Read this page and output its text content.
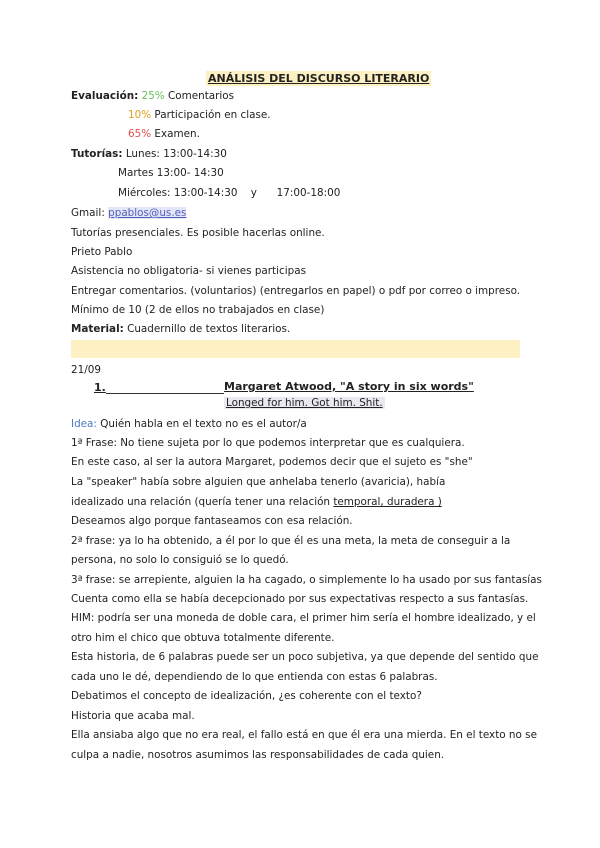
ANÁLISIS DEL DISCURSO LITERARIO
Evaluación: 25% Comentarios
10% Participación en clase.
65% Examen.
Tutorías: Lunes: 13:00-14:30
Martes 13:00- 14:30
Miércoles: 13:00-14:30    y      17:00-18:00
Gmail: ppablos@us.es
Tutorías presenciales. Es posible hacerlas online.
Prieto Pablo
Asistencia no obligatoria- si vienes participas
Entregar comentarios. (voluntarios) (entregarlos en papel) o pdf por correo o impreso.
Mínimo de 10 (2 de ellos no trabajados en clase)
Material: Cuadernillo de textos literarios.
21/09
1.	Margaret Atwood, "A story in six words"
Longed for him. Got him. Shit.
Idea: Quién habla en el texto no es el autor/a
1ª Frase: No tiene sujeta por lo que podemos interpretar que es cualquiera.
En este caso, al ser la autora Margaret, podemos decir que el sujeto es "she"
La "speaker" había sobre alguien que anhelaba tenerlo (avaricia), había
idealizado una relación (quería tener una relación temporal, duradera )
Deseamos algo porque fantaseamos con esa relación.
2ª frase: ya lo ha obtenido, a él por lo que él es una meta, la meta de conseguir a la
persona, no solo lo consiguió se lo quedó.
3ª frase: se arrepiente, alguien la ha cagado, o simplemente lo ha usado por sus fantasías
Cuenta como ella se había decepcionado por sus expectativas respecto a sus fantasías.
HIM: podría ser una moneda de doble cara, el primer him sería el hombre idealizado, y el
otro him el chico que obtuva totalmente diferente.
Esta historia, de 6 palabras puede ser un poco subjetiva, ya que depende del sentido que
cada uno le dé, dependiendo de lo que entienda con estas 6 palabras.
Debatimos el concepto de idealización, ¿es coherente con el texto?
Historia que acaba mal.
Ella ansiaba algo que no era real, el fallo está en que él era una mierda. En el texto no se
culpa a nadie, nosotros asumimos las responsabilidades de cada quien.
